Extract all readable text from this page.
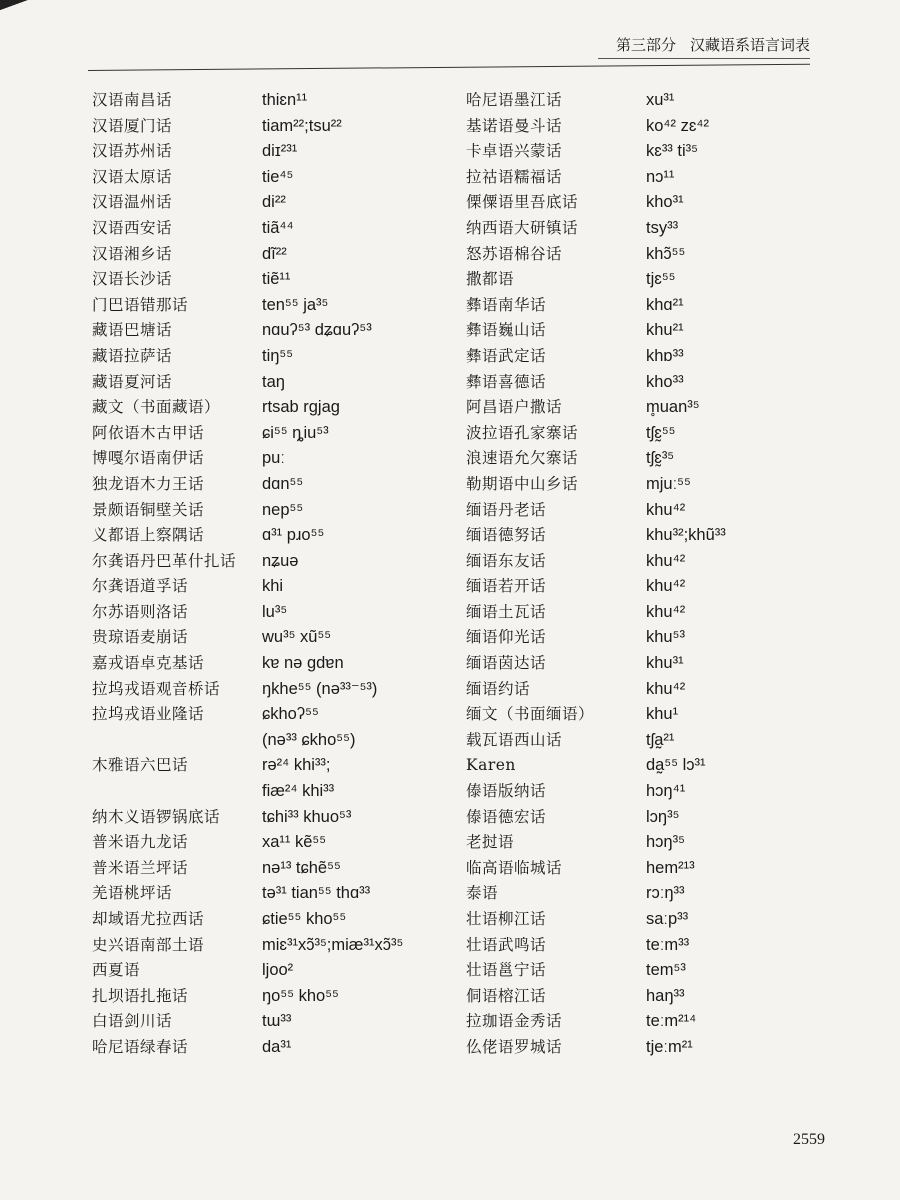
第三部分 汉藏语系语言词表
汉语南昌话	thiɛn¹¹
汉语厦门话	tiam²²;tsu²²
汉语苏州话	diɪ²³¹
汉语太原话	tie⁴⁵
汉语温州话	di²²
汉语西安话	tiã⁴⁴
汉语湘乡话	dĩ²²
汉语长沙话	tiẽ¹¹
门巴语错那话	ten⁵⁵ ja³⁵
藏语巴塘话	nɑuʔ⁵³ dʑɑuʔ⁵³
藏语拉萨话	tiŋ⁵⁵
藏语夏河话	taŋ
藏文（书面藏语）	rtsab rgjag
阿依语木古甲话	ɕi⁵⁵ ȵiu⁵³
博嘎尔语南伊话	puː
独龙语木力王话	dɑn⁵⁵
景颇语铜壁关话	nep⁵⁵
义都语上察隅话	ɑ³¹ pɹo⁵⁵
尔龚语丹巴革什扎话 nʑuə
尔龚语道孚话	khi
尔苏语则洛话	lu³⁵
贵琼语麦崩话	wu³⁵ xũ⁵⁵
嘉戎语卓克基话	kɐ nə gdɐn
拉坞戎语观音桥话	ŋkhe⁵⁵ (nə³³⁻⁵³)
拉坞戎语业隆话	ɕkhoʔ⁵⁵
(nə³³ ɕkho⁵⁵)
木雅语六巴话	rə²⁴ khi³³;
fiæ²⁴ khi³³
纳木义语锣锅底话	tɕhi³³ khuo⁵³
普米语九龙话	xa¹¹ kẽ⁵⁵
普米语兰坪话	nə¹³ tɕhẽ⁵⁵
羌语桃坪话	tə³¹ tian⁵⁵ thɑ³³
却域语尤拉西话	ɕtie⁵⁵ kho⁵⁵
史兴语南部土语	miɛ³¹xɔ̃³⁵;miæ³¹xɔ̃³⁵
西夏语	ljoo²
扎坝语扎拖话	ŋo⁵⁵ kho⁵⁵
白语剑川话	tɯ³³
哈尼语绿春话	da³¹
哈尼语墨江话	xu³¹
基诺语曼斗话	ko⁴² zɛ⁴²
卡卓语兴蒙话	kɛ³³ ti³⁵
拉祜语糯福话	nɔ¹¹
傈僳语里吾底话	kho³¹
纳西语大研镇话	tsy³³
怒苏语棉谷话	khɔ̃⁵⁵
撒都语	tjɛ⁵⁵
彝语南华话	khɑ²¹
彝语巍山话	khu²¹
彝语武定话	khɒ³³
彝语喜德话	kho³³
阿昌语户撒话	m̥uan³⁵
波拉语孔家寨话	tʃɛ̰⁵⁵
浪速语允欠寨话	tʃɛ̰³⁵
勒期语中山乡话	mjuː⁵⁵
缅语丹老话	khu⁴²
缅语德努话	khu³²;khũ³³
缅语东友话	khu⁴²
缅语若开话	khu⁴²
缅语土瓦话	khu⁴²
缅语仰光话	khu⁵³
缅语茵达话	khu³¹
缅语约话	khu⁴²
缅文（书面缅语）	khu¹
载瓦语西山话	tʃa̰²¹
Karen	da̰⁵⁵ lɔ³¹
傣语版纳话	hɔŋ⁴¹
傣语德宏话	lɔŋ³⁵
老挝语	hɔŋ³⁵
临高语临城话	hem²¹³
泰语	rɔːŋ³³
壮语柳江话	saːp³³
壮语武鸣话	teːm³³
壮语邕宁话	tem⁵³
侗语榕江话	haŋ³³
拉珈语金秀话	teːm²¹⁴
仫佬语罗城话	tjeːm²¹
2559
